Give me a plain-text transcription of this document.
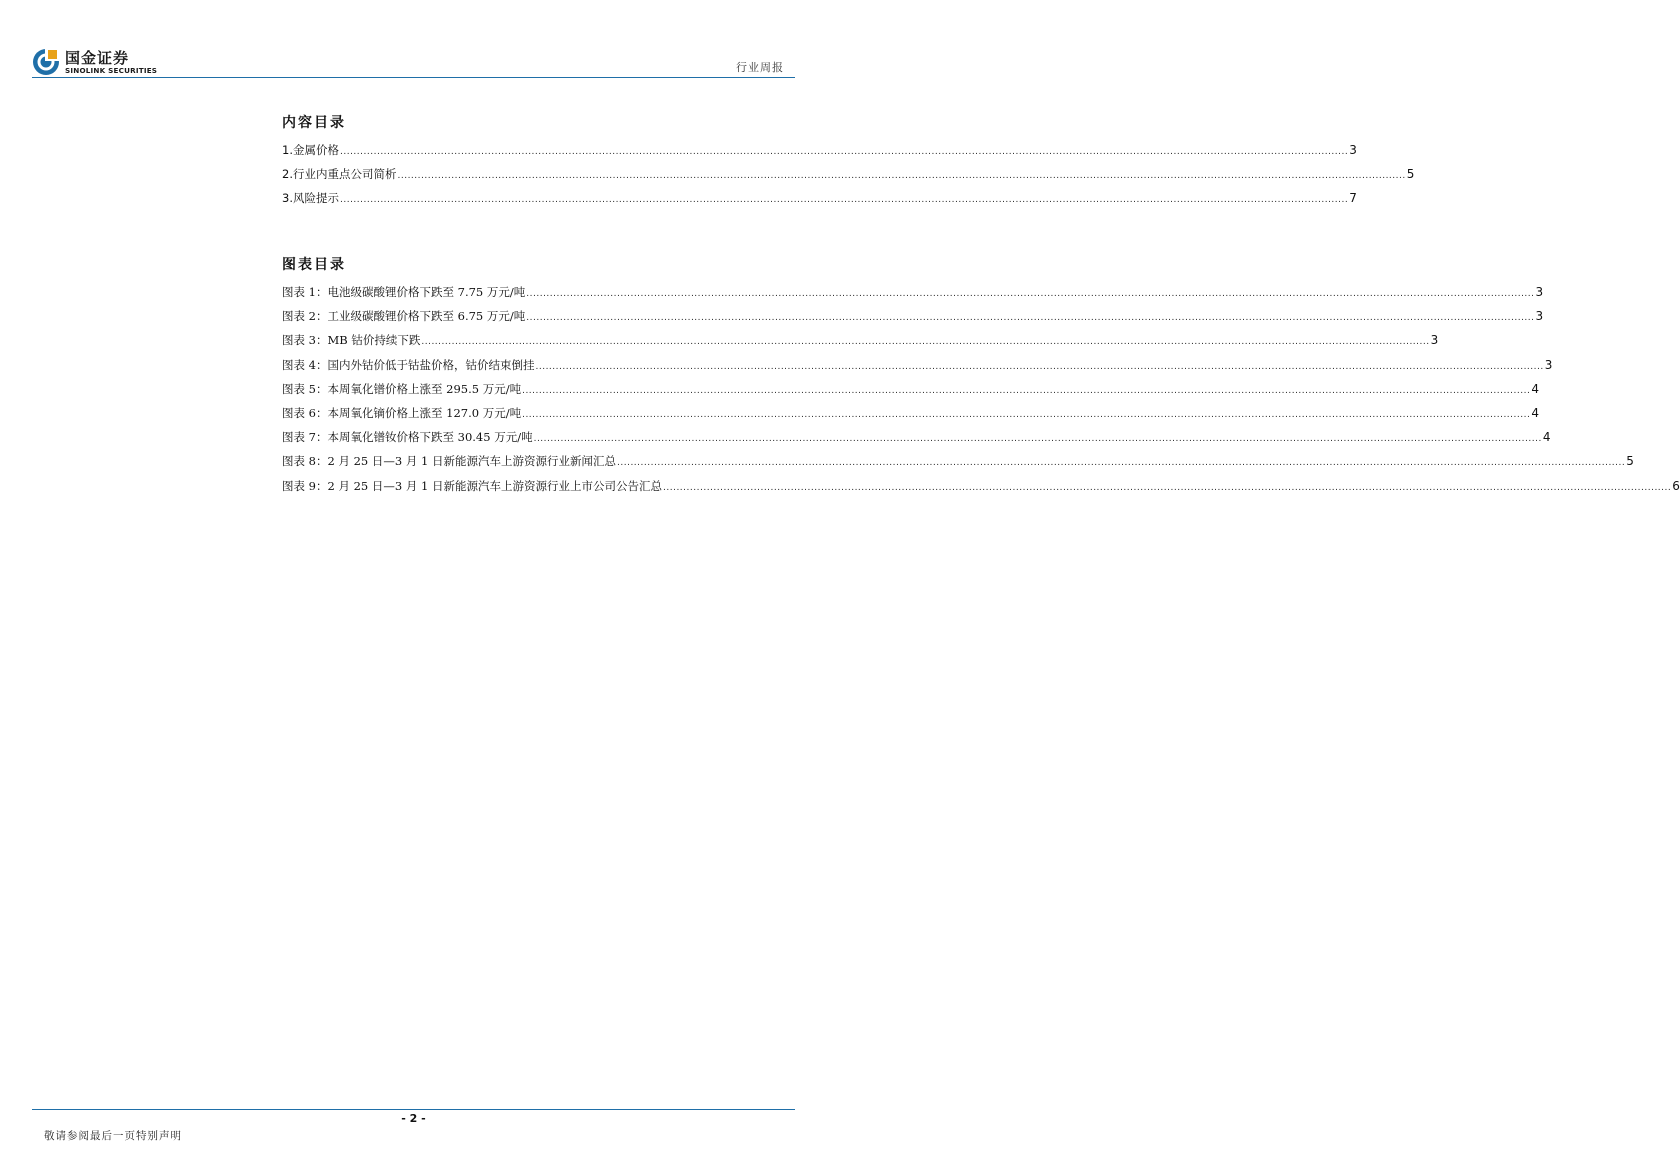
国金证券
SINOLINK SECURITIES	行业周报
内容目录
1.金属价格 ............................................................................................................................................................................................................................................................................................................ 3
2.行业内重点公司简析 ............................................................................................................................................................................................................................................................................................................ 5
3.风险提示 ............................................................................................................................................................................................................................................................................................................ 7
图表目录
图表 1：电池级碳酸锂价格下跌至 7.75 万元/吨 ............................................................................................................................................................................................................................................................................................................ 3
图表 2：工业级碳酸锂价格下跌至 6.75 万元/吨 ............................................................................................................................................................................................................................................................................................................ 3
图表 3：MB 钴价持续下跌 ............................................................................................................................................................................................................................................................................................................ 3
图表 4：国内外钴价低于钴盐价格，钴价结束倒挂 ............................................................................................................................................................................................................................................................................................................ 3
图表 5：本周氧化镨价格上涨至 295.5 万元/吨 ............................................................................................................................................................................................................................................................................................................ 4
图表 6：本周氧化镝价格上涨至 127.0 万元/吨 ............................................................................................................................................................................................................................................................................................................ 4
图表 7：本周氧化镨钕价格下跌至 30.45 万元/吨 ............................................................................................................................................................................................................................................................................................................ 4
图表 8：2 月 25 日—3 月 1 日新能源汽车上游资源行业新闻汇总 ............................................................................................................................................................................................................................................................................................................ 5
图表 9：2 月 25 日—3 月 1 日新能源汽车上游资源行业上市公司公告汇总 ............................................................................................................................................................................................................................................................................................................ 6
- 2 -
敬请参阅最后一页特别声明
